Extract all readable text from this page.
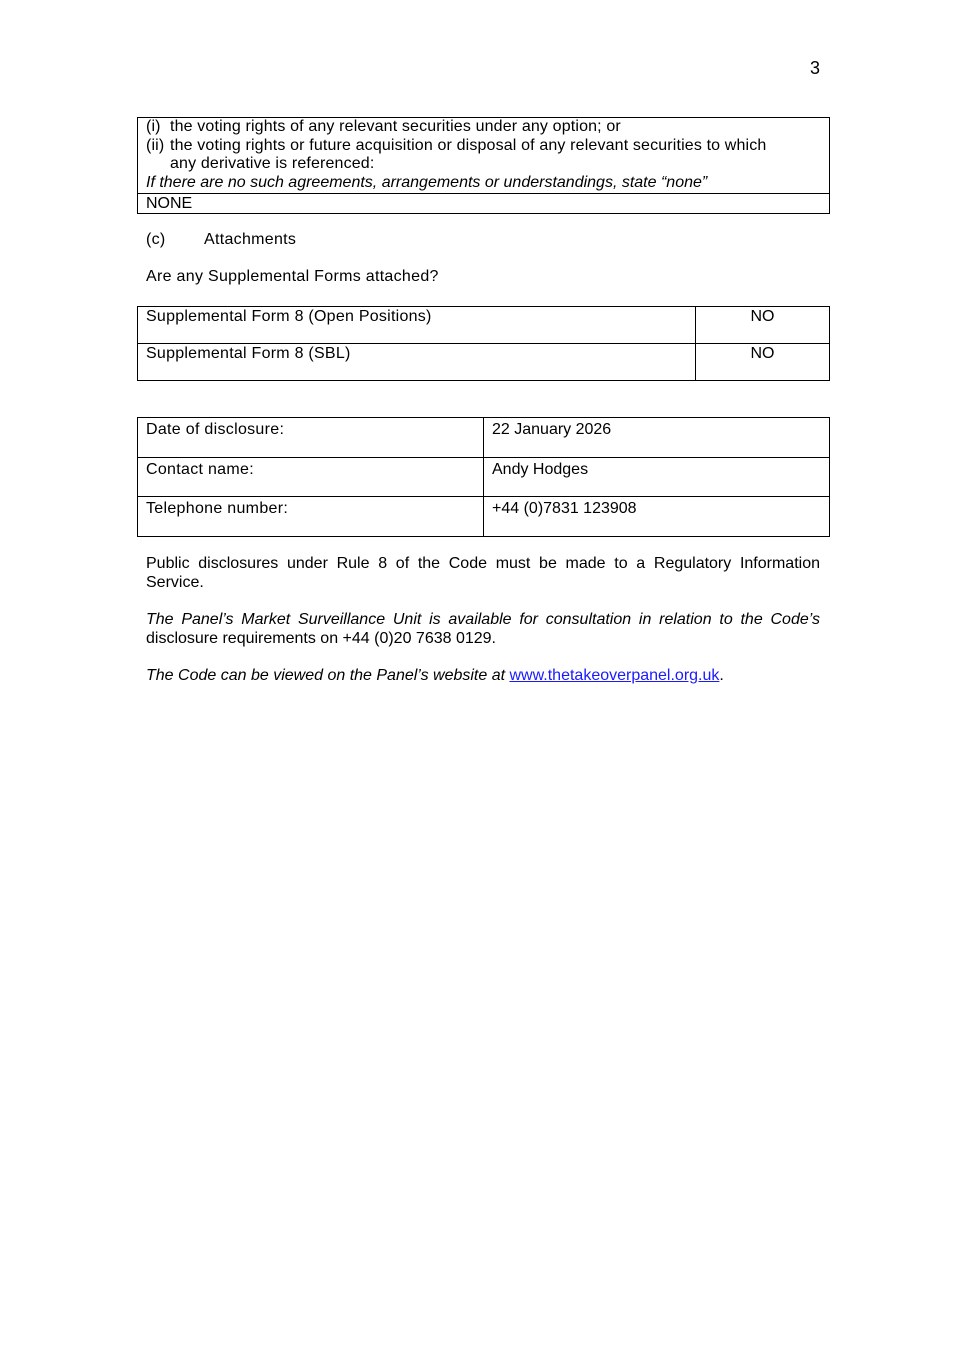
3
(i) the voting rights of any relevant securities under any option; or
(ii) the voting rights or future acquisition or disposal of any relevant securities to which
any derivative is referenced:
If there are no such agreements, arrangements or understandings, state “none”
NONE
(c) Attachments
Are any Supplemental Forms attached?
Supplemental Form 8 (Open Positions)	NO
Supplemental Form 8 (SBL)	NO
Date of disclosure:	22 January 2026
Contact name:	Andy Hodges
Telephone number:	+44 (0)7831 123908
Public disclosures under Rule 8 of the Code must be made to a Regulatory Information Service.
The Panel’s Market Surveillance Unit is available for consultation in relation to the Code’s disclosure requirements on +44 (0)20 7638 0129.
The Code can be viewed on the Panel’s website at www.thetakeoverpanel.org.uk.
